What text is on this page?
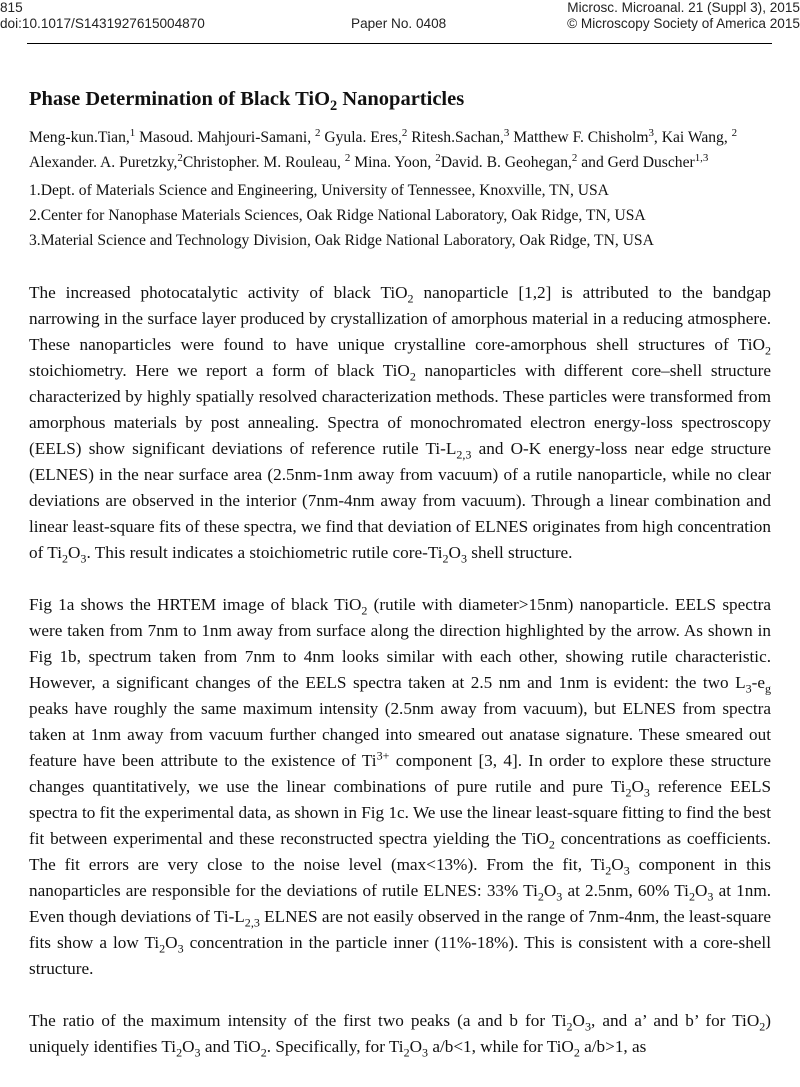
815
doi:10.1017/S1431927615004870	Paper No. 0408
Microsc. Microanal. 21 (Suppl 3), 2015
© Microscopy Society of America 2015
Phase Determination of Black TiO$_2$ Nanoparticles
Meng-kun.Tian,$^1$ Masoud. Mahjouri-Samani, $^2$ Gyula. Eres,$^2$ Ritesh.Sachan,$^3$ Matthew F. Chisholm$^3$, Kai Wang, $^2$ Alexander. A. Puretzky,$^2$Christopher. M. Rouleau, $^2$ Mina. Yoon, $^2$David. B. Geohegan,$^2$ and Gerd Duscher$^{1,3}$
1.Dept. of Materials Science and Engineering, University of Tennessee, Knoxville, TN, USA
2.Center for Nanophase Materials Sciences, Oak Ridge National Laboratory, Oak Ridge, TN, USA
3.Material Science and Technology Division, Oak Ridge National Laboratory, Oak Ridge, TN, USA

The increased photocatalytic activity of black TiO$_2$ nanoparticle [1,2] is attributed to the bandgap narrowing in the surface layer produced by crystallization of amorphous material in a reducing atmosphere. These nanoparticles were found to have unique crystalline core-amorphous shell structures of TiO$_2$ stoichiometry. Here we report a form of black TiO$_2$ nanoparticles with different core–shell structure characterized by highly spatially resolved characterization methods. These particles were transformed from amorphous materials by post annealing. Spectra of monochromated electron energy-loss spectroscopy (EELS) show significant deviations of reference rutile $Ti-L_{2,3}$ and O-K energy-loss near edge structure (ELNES) in the near surface area (2.5nm-1nm away from vacuum) of a rutile nanoparticle, while no clear deviations are observed in the interior (7nm-4nm away from vacuum). Through a linear combination and linear least-square fits of these spectra, we find that deviation of ELNES originates from high concentration of $Ti_2O_3$. This result indicates a stoichiometric rutile core-$Ti_2O_3$ shell structure.

Fig 1a shows the HRTEM image of black TiO$_2$ (rutile with diameter>15nm) nanoparticle. EELS spectra were taken from 7nm to 1nm away from surface along the direction highlighted by the arrow. As shown in Fig 1b, spectrum taken from 7nm to 4nm looks similar with each other, showing rutile characteristic. However, a significant changes of the EELS spectra taken at 2.5 nm and 1nm is evident: the two $L_3-e_g$ peaks have roughly the same maximum intensity (2.5nm away from vacuum), but ELNES from spectra taken at 1nm away from vacuum further changed into smeared out anatase signature. These smeared out feature have been attribute to the existence of $Ti^{3+}$ component [3, 4]. In order to explore these structure changes quantitatively, we use the linear combinations of pure rutile and pure $Ti_2O_3$ reference EELS spectra to fit the experimental data, as shown in Fig 1c. We use the linear least-square fitting to find the best fit between experimental and these reconstructed spectra yielding the TiO$_2$ concentrations as coefficients. The fit errors are very close to the noise level (max<13%). From the fit, $Ti_2O_3$ component in this nanoparticles are responsible for the deviations of rutile ELNES: 33% $Ti_2O_3$ at 2.5nm, 60% $Ti_2O_3$ at 1nm. Even though deviations of $Ti-L_{2,3}$ ELNES are not easily observed in the range of 7nm-4nm, the least-square fits show a low $Ti_2O_3$ concentration in the particle inner (11%-18%). This is consistent with a core-shell structure.

The ratio of the maximum intensity of the first two peaks (a and b for $Ti_2O_3$, and a’ and b’ for TiO$_2$) uniquely identifies $Ti_2O_3$ and TiO$_2$. Specifically, for $Ti_2O_3$ a/b<1, while for TiO$_2$ a/b>1, as
